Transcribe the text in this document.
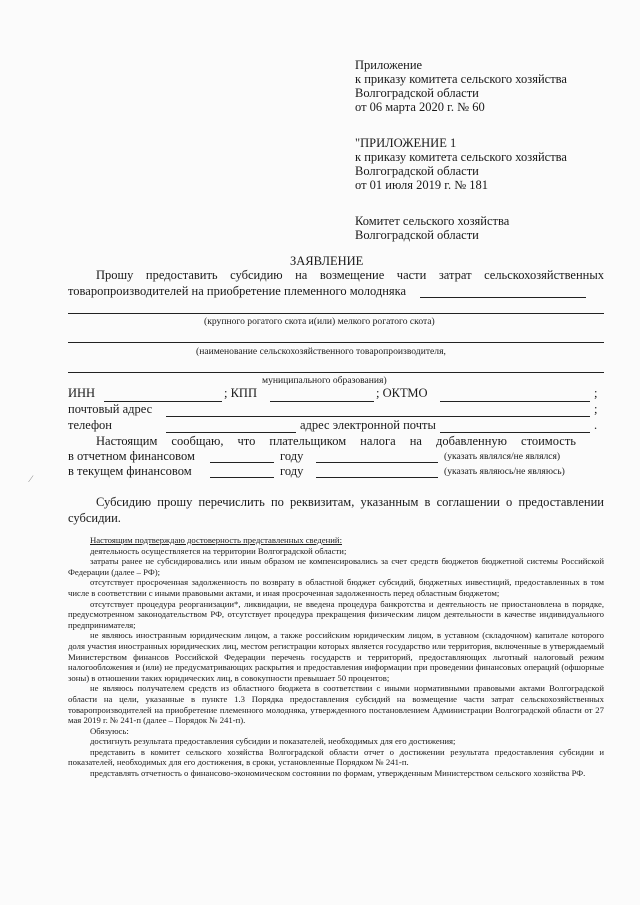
Приложение
к приказу комитета сельского хозяйства
Волгоградской области
от 06 марта 2020 г. № 60
"ПРИЛОЖЕНИЕ 1
к приказу комитета сельского хозяйства
Волгоградской области
от 01 июля 2019 г. № 181
Комитет сельского хозяйства
Волгоградской области
ЗАЯВЛЕНИЕ
Прошу предоставить субсидию на возмещение части затрат сельскохозяйственных
товаропроизводителей на приобретение племенного молодняка
(крупного рогатого скота и(или) мелкого рогатого скота)
(наименование сельскохозяйственного товаропроизводителя,
муниципального образования)
ИНН	; КПП	; ОКТМО	;
почтовый адрес	;
телефон	адрес электронной почты	.
Настоящим сообщаю, что плательщиком налога на добавленную стоимость
в отчетном финансовом	году	(указать являлся/не являлся)
в текущем финансовом	году	(указать являюсь/не являюсь)
∕
Субсидию прошу перечислить по реквизитам, указанным в соглашении о предоставлении
субсидии.

Настоящим подтверждаю достоверность представленных сведений:

деятельность осуществляется на территории Волгоградской области;

затраты ранее не субсидировались или иным образом не компенсировались за счет средств бюджетов бюджетной системы Российской Федерации (далее – РФ);

отсутствует просроченная задолженность по возврату в областной бюджет субсидий, бюджетных инвестиций, предоставленных в том числе в соответствии с иными правовыми актами, и иная просроченная задолженность перед областным бюджетом;

отсутствует процедура реорганизации*, ликвидации, не введена процедура банкротства и деятельность не приостановлена в порядке, предусмотренном законодательством РФ, отсутствует процедура прекращения физическим лицом деятельности в качестве индивидуального предпринимателя;

не являюсь иностранным юридическим лицом, а также российским юридическим лицом, в уставном (складочном) капитале которого доля участия иностранных юридических лиц, местом регистрации которых является государство или территория, включенные в утверждаемый Министерством финансов Российской Федерации перечень государств и территорий, предоставляющих льготный налоговый режим налогообложения и (или) не предусматривающих раскрытия и предоставления информации при проведении финансовых операций (офшорные зоны) в отношении таких юридических лиц, в совокупности превышает 50 процентов;

не являюсь получателем средств из областного бюджета в соответствии с иными нормативными правовыми актами Волгоградской области на цели, указанные в пункте 1.3 Порядка предоставления субсидий на возмещение части затрат сельскохозяйственных товаропроизводителей на приобретение племенного молодняка, утвержденного постановлением Администрации Волгоградской области от 27 мая 2019 г. № 241-п (далее – Порядок № 241-п).

Обязуюсь:

достигнуть результата предоставления субсидии и показателей, необходимых для его достижения;

представить в комитет сельского хозяйства Волгоградской области отчет о достижении результата предоставления субсидии и показателей, необходимых для его достижения, в сроки, установленные Порядком № 241-п.

представлять отчетность о финансово-экономическом состоянии по формам, утвержденным Министерством сельского хозяйства РФ.
